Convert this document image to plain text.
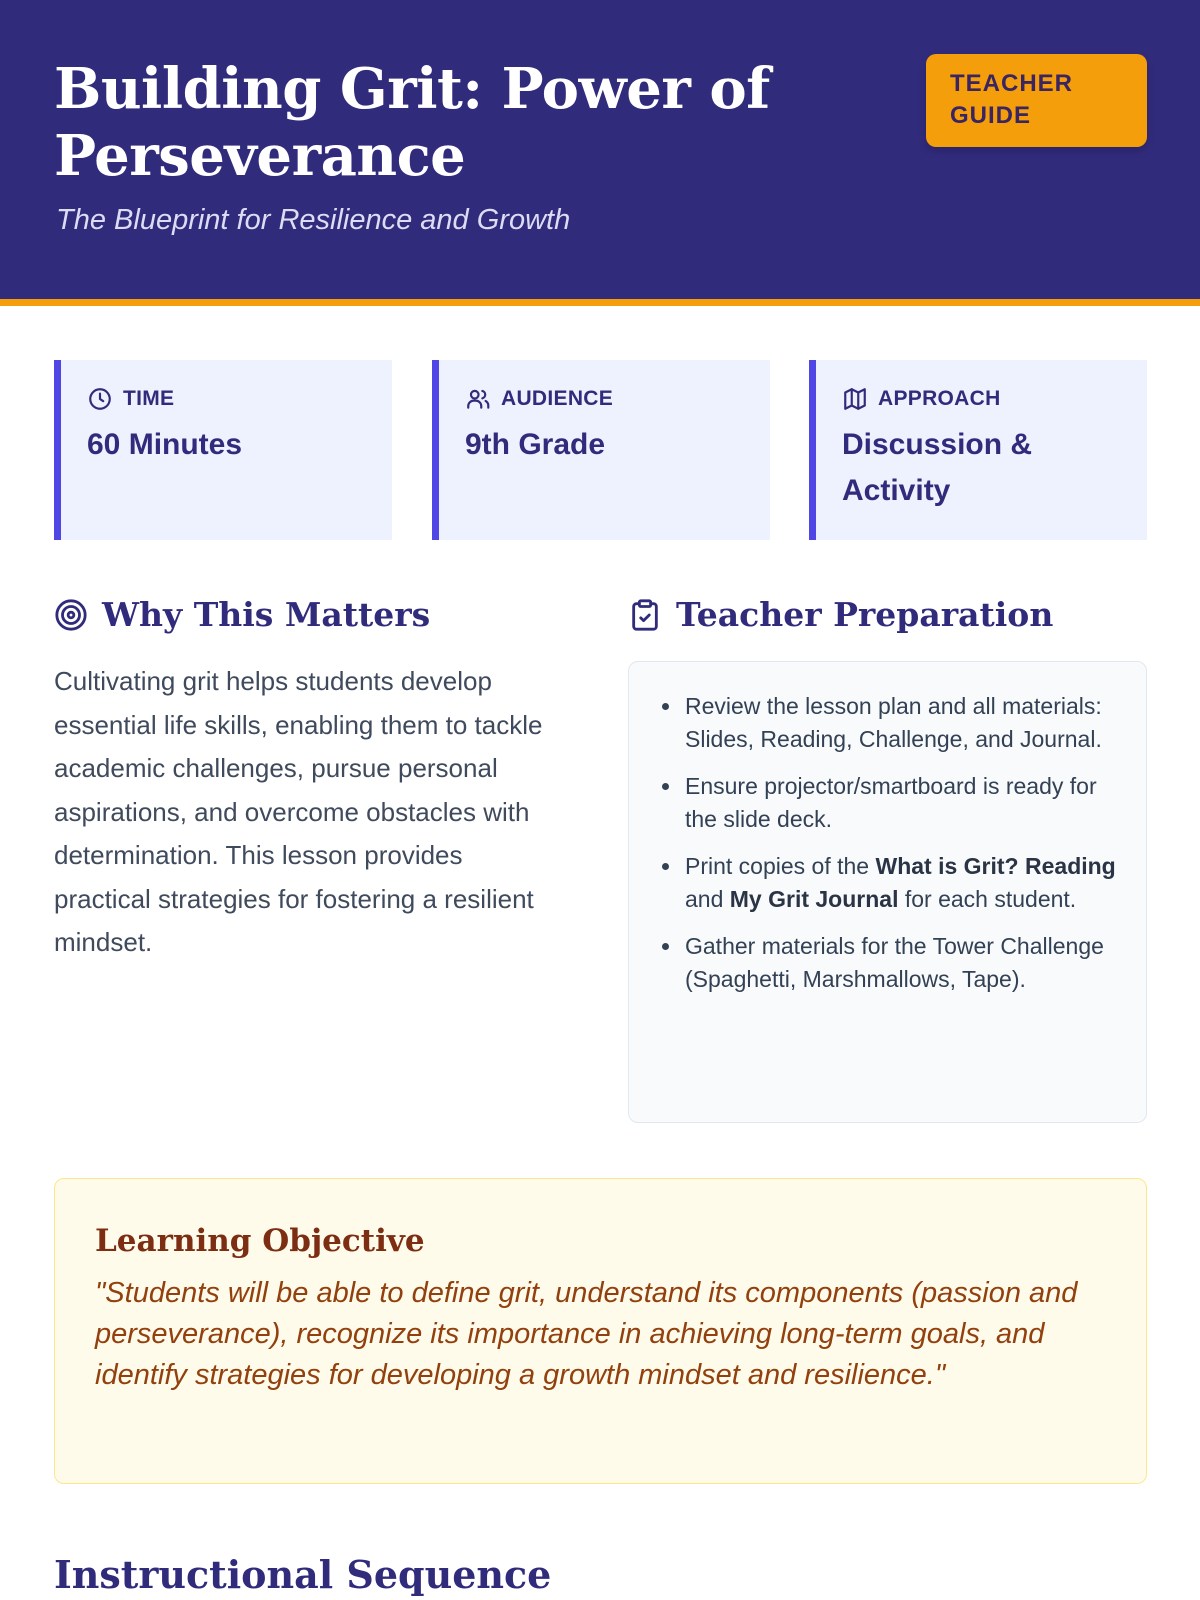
Building Grit: Power of Perseverance
The Blueprint for Resilience and Growth
TEACHER GUIDE
TIME
60 Minutes
AUDIENCE
9th Grade
APPROACH
Discussion & Activity
Why This Matters

Cultivating grit helps students develop essential life skills, enabling them to tackle academic challenges, pursue personal aspirations, and overcome obstacles with determination. This lesson provides practical strategies for fostering a resilient mindset.

Teacher Preparation
• Review the lesson plan and all materials: Slides, Reading, Challenge, and Journal.
• Ensure projector/smartboard is ready for the slide deck.
• Print copies of the What is Grit? Reading and My Grit Journal for each student.
• Gather materials for the Tower Challenge (Spaghetti, Marshmallows, Tape).
Learning Objective
"Students will be able to define grit, understand its components (passion and perseverance), recognize its importance in achieving long-term goals, and identify strategies for developing a growth mindset and resilience."
Instructional Sequence
